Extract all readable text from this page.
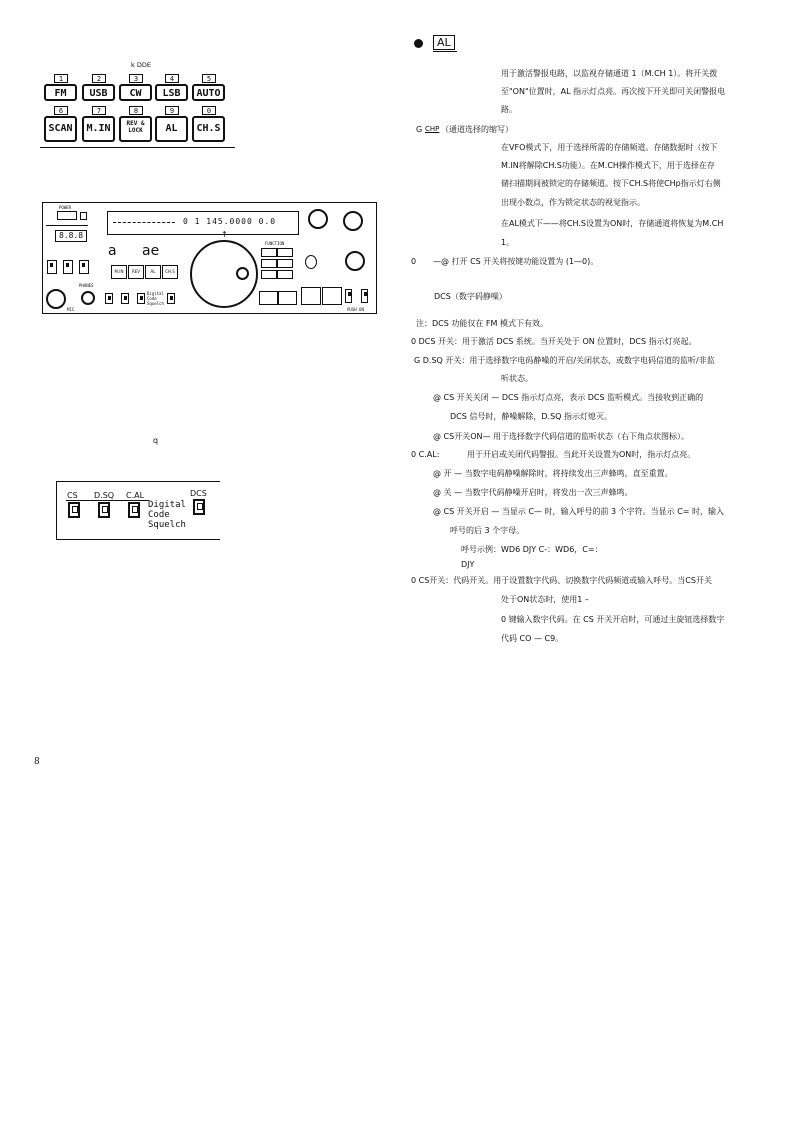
k DDE
1	2	3	4	5
FM	USB	CW	LSB	AUTO
6	7	8	9	0
SCAN	M.IN	REV & LOCK	AL	CH.S
POWER
8.8.8
PHONES
MIC
a ae
M.IN	REV	AL	CH.S
Digital Code Squelch
0 1 145.0000 0.0
↑
FUNCTION
PUSH ON
q
CS D.SQ C.AL	DCS
Digital
Code
Squelch
8
AL
用于激活警报电路，以监视存储通道 1（M.CH 1）。将开关拨
至"ON"位置时，AL 指示灯点亮。再次按下开关即可关闭警报电
路。
G CHP （通道选择的缩写）
在VFO模式下，用于选择所需的存储频道。存储数据时（按下
M.IN将解除CH.S功能）。在M.CH操作模式下，用于选择在存
储扫描期间被锁定的存储频道。按下CH.S将使CHp指示灯右侧
出现小数点，作为锁定状态的视觉指示。
在AL模式下——将CH.S设置为ON时，存储通道将恢复为M.CH
1。
0 —@ 打开 CS 开关将按键功能设置为 (1—0)。
DCS（数字码静噪）
注：DCS 功能仅在 FM 模式下有效。
0 DCS 开关：用于激活 DCS 系统。当开关处于 ON 位置时，DCS 指示灯亮起。
G D.SQ 开关：用于选择数字电码静噪的开启/关闭状态，或数字电码信道的监听/非监
听状态。
@ CS 开关关闭 — DCS 指示灯点亮，表示 DCS 监听模式。当接收到正确的
DCS 信号时，静噪解除，D.SQ 指示灯熄灭。
@ CS开关ON— 用于选择数字代码信道的监听状态（右下角点状图标）。
0 C.AL:	用于开启或关闭代码警报。当此开关设置为ON时，指示灯点亮。
@ 开 — 当数字电码静噪解除时，将持续发出三声蜂鸣，直至重置。
@ 关 — 当数字代码静噪开启时，将发出一次三声蜂鸣。
@ CS 开关开启 — 当显示 C— 时，输入呼号的前 3 个字符。当显示 C= 时，输入
呼号的后 3 个字母。
呼号示例：WD6 DJY C-：WD6，C=：
DJY
0 CS开关：代码开关。用于设置数字代码、切换数字代码频道或输入呼号。当CS开关
处于ON状态时，使用1 –
0 键输入数字代码。在 CS 开关开启时，可通过主旋钮选择数字
代码 CO — C9。
